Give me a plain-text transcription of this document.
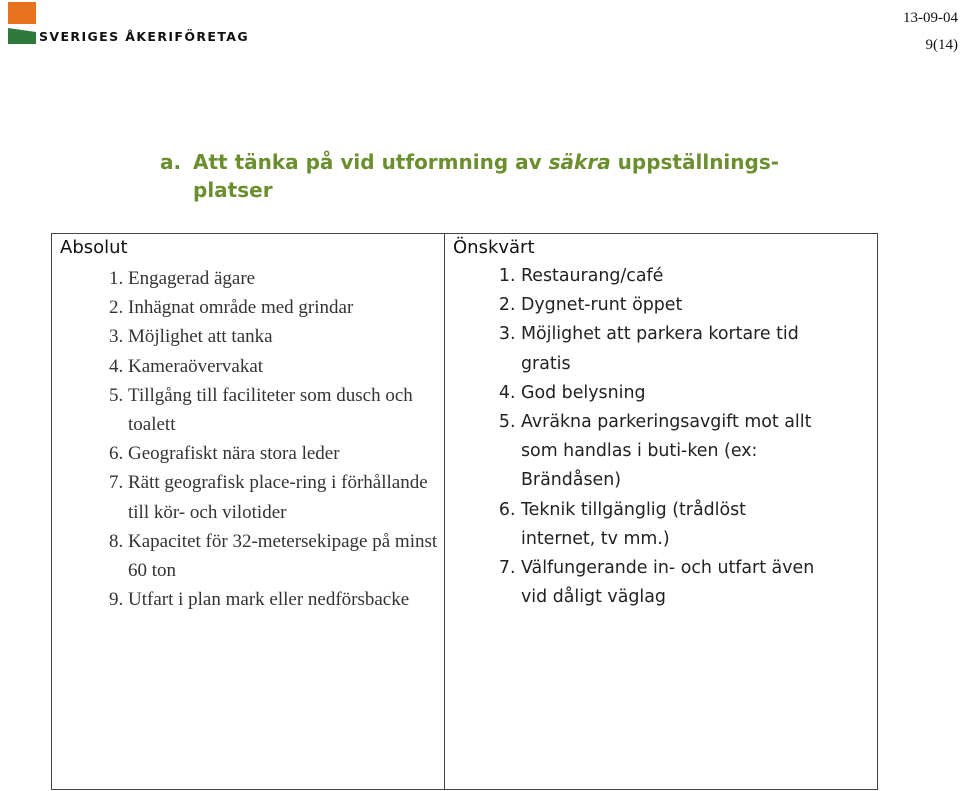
SVERIGES ÅKERIFÖRETAG
13-09-04
9(14)
a. Att tänka på vid utformning av säkra uppställnings-
platser
Absolut
1. Engagerad ägare
2. Inhägnat område med grindar
3. Möjlighet att tanka
4. Kameraövervakat
5. Tillgång till faciliteter som dusch och toalett
6. Geografiskt nära stora leder
7. Rätt geografisk place-ring i förhållande till kör- och vilotider
8. Kapacitet för 32-metersekipage på minst 60 ton
9. Utfart i plan mark eller nedförsbacke

Önskvärt
1. Restaurang/café
2. Dygnet-runt öppet
3. Möjlighet att parkera kortare tid gratis
4. God belysning
5. Avräkna parkeringsavgift mot allt som handlas i buti-ken (ex: Brändåsen)
6. Teknik tillgänglig (trådlöst internet, tv mm.)
7. Välfungerande in- och utfart även vid dåligt väglag
